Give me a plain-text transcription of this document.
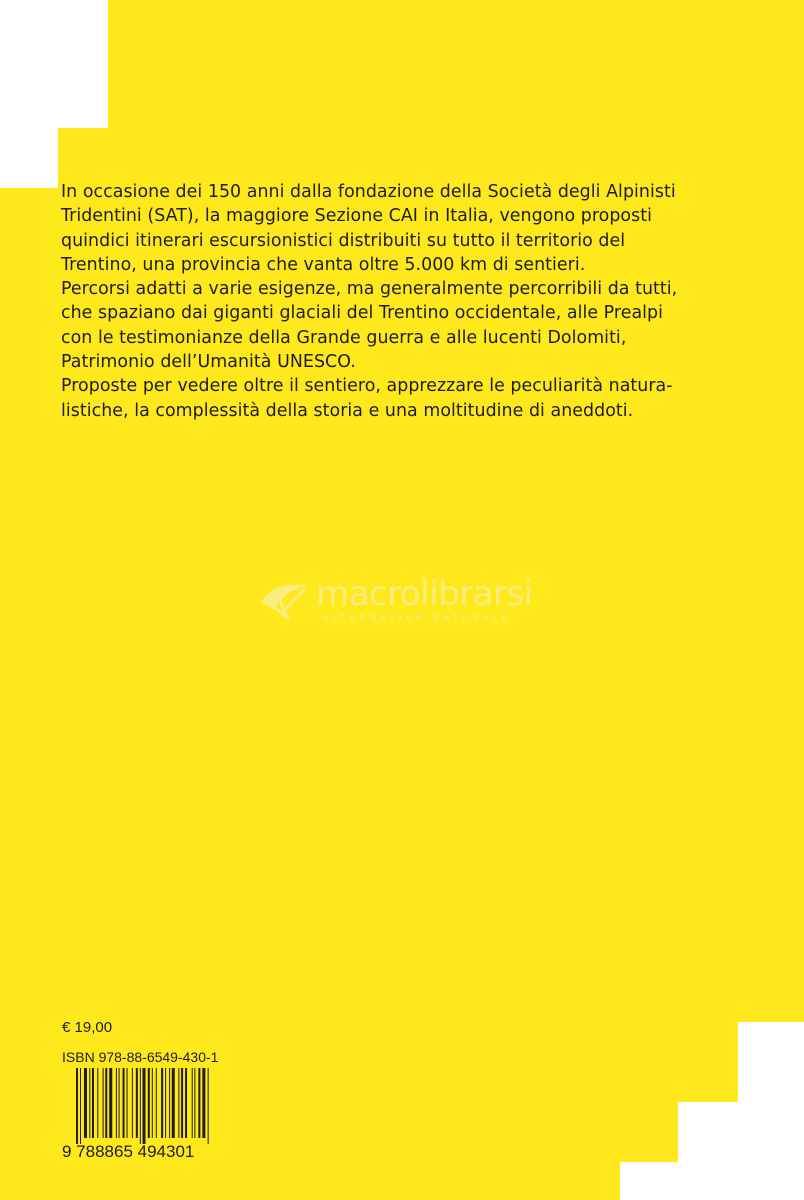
In occasione dei 150 anni dalla fondazione della Società degli Alpinisti
Tridentini (SAT), la maggiore Sezione CAI in Italia, vengono proposti
quindici itinerari escursionistici distribuiti su tutto il territorio del
Trentino, una provincia che vanta oltre 5.000 km di sentieri.
Percorsi adatti a varie esigenze, ma generalmente percorribili da tutti,
che spaziano dai giganti glaciali del Trentino occidentale, alle Prealpi
con le testimonianze della Grande guerra e alle lucenti Dolomiti,
Patrimonio dell’Umanità UNESCO.
Proposte per vedere oltre il sentiero, apprezzare le peculiarità natura-
listiche, la complessità della storia e una moltitudine di aneddoti.
macrolibrarsi
ALTERNATIVA NATURALE
€ 19,00
ISBN 978-88-6549-430-1
9 788865 494301
